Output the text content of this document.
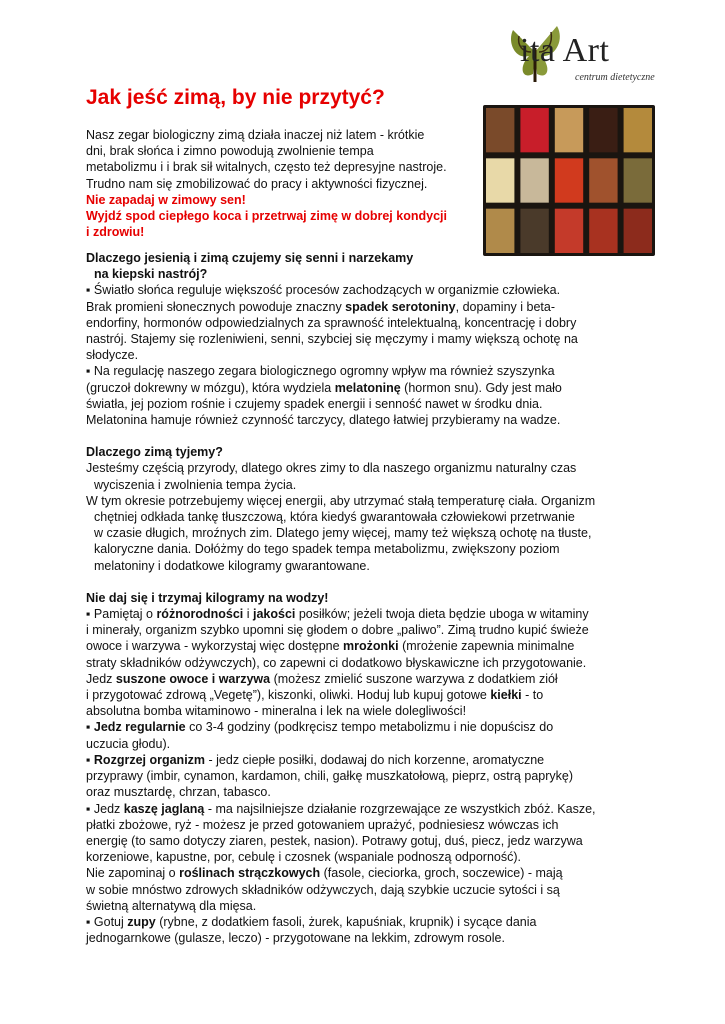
ita Art
centrum dietetyczne
Jak jeść zimą, by nie przytyć?
Nasz zegar biologiczny zimą działa inaczej niż latem - krótkie
dni, brak słońca i zimno powodują zwolnienie tempa
metabolizmu i i brak sił witalnych, często też depresyjne nastroje.
Trudno nam się zmobilizować do pracy i aktywności fizycznej.
Nie zapadaj w zimowy sen!
Wyjdź spod ciepłego koca i przetrwaj zimę w dobrej kondycji
i zdrowiu!

Dlaczego jesienią i zimą czujemy się senni i narzekamy

na kiepski nastrój?

▪ Światło słońca reguluje większość procesów zachodzących w organizmie człowieka.

Brak promieni słonecznych powoduje znaczny spadek serotoniny, dopaminy i beta-

endorfiny, hormonów odpowiedzialnych za sprawność intelektualną, koncentrację i dobry

nastrój. Stajemy się rozleniwieni, senni, szybciej się męczymy i mamy większą ochotę na

słodycze.

▪ Na regulację naszego zegara biologicznego ogromny wpływ ma również szyszynka

(gruczoł dokrewny w mózgu), która wydziela melatoninę (hormon snu). Gdy jest mało

światła, jej poziom rośnie i czujemy spadek energii i senność nawet w środku dnia.

Melatonina hamuje również czynność tarczycy, dlatego łatwiej przybieramy na wadze.

Dlaczego zimą tyjemy?

Jesteśmy częścią przyrody, dlatego okres zimy to dla naszego organizmu naturalny czas

wyciszenia i zwolnienia tempa życia.

W tym okresie potrzebujemy więcej energii, aby utrzymać stałą temperaturę ciała. Organizm

chętniej odkłada tankę tłuszczową, która kiedyś gwarantowała człowiekowi przetrwanie

w czasie długich, mroźnych zim. Dlatego jemy więcej, mamy też większą ochotę na tłuste,

kaloryczne dania. Dołóżmy do tego spadek tempa metabolizmu, zwiększony poziom

melatoniny i dodatkowe kilogramy gwarantowane.

Nie daj się i trzymaj kilogramy na wodzy!

▪ Pamiętaj o różnorodności i jakości posiłków; jeżeli twoja dieta będzie uboga w witaminy

i minerały, organizm szybko upomni się głodem o dobre „paliwo”. Zimą trudno kupić świeże

owoce i warzywa - wykorzystaj więc dostępne mrożonki (mrożenie zapewnia minimalne

straty składników odżywczych), co zapewni ci dodatkowo błyskawiczne ich przygotowanie.

Jedz suszone owoce i warzywa (możesz zmielić suszone warzywa z dodatkiem ziół

i przygotować zdrową „Vegetę”), kiszonki, oliwki. Hoduj lub kupuj gotowe kiełki - to

absolutna bomba witaminowo - mineralna i lek na wiele dolegliwości!

▪ Jedz regularnie co 3-4 godziny (podkręcisz tempo metabolizmu i nie dopuścisz do

uczucia głodu).

▪ Rozgrzej organizm - jedz ciepłe posiłki, dodawaj do nich korzenne, aromatyczne

przyprawy (imbir, cynamon, kardamon, chili, gałkę muszkatołową, pieprz, ostrą paprykę)

oraz musztardę, chrzan, tabasco.

▪ Jedz kaszę jaglaną - ma najsilniejsze działanie rozgrzewające ze wszystkich zbóż. Kasze,

płatki zbożowe, ryż - możesz je przed gotowaniem uprażyć, podniesiesz wówczas ich

energię (to samo dotyczy ziaren, pestek, nasion). Potrawy gotuj, duś, piecz, jedz warzywa

korzeniowe, kapustne, por, cebulę i czosnek (wspaniale podnoszą odporność).

Nie zapominaj o roślinach strączkowych (fasole, cieciorka, groch, soczewice) - mają

w sobie mnóstwo zdrowych składników odżywczych, dają szybkie uczucie sytości i są

świetną alternatywą dla mięsa.

▪ Gotuj zupy (rybne, z dodatkiem fasoli, żurek, kapuśniak, krupnik) i sycące dania

jednogarnkowe (gulasze, leczo) - przygotowane na lekkim, zdrowym rosole.
